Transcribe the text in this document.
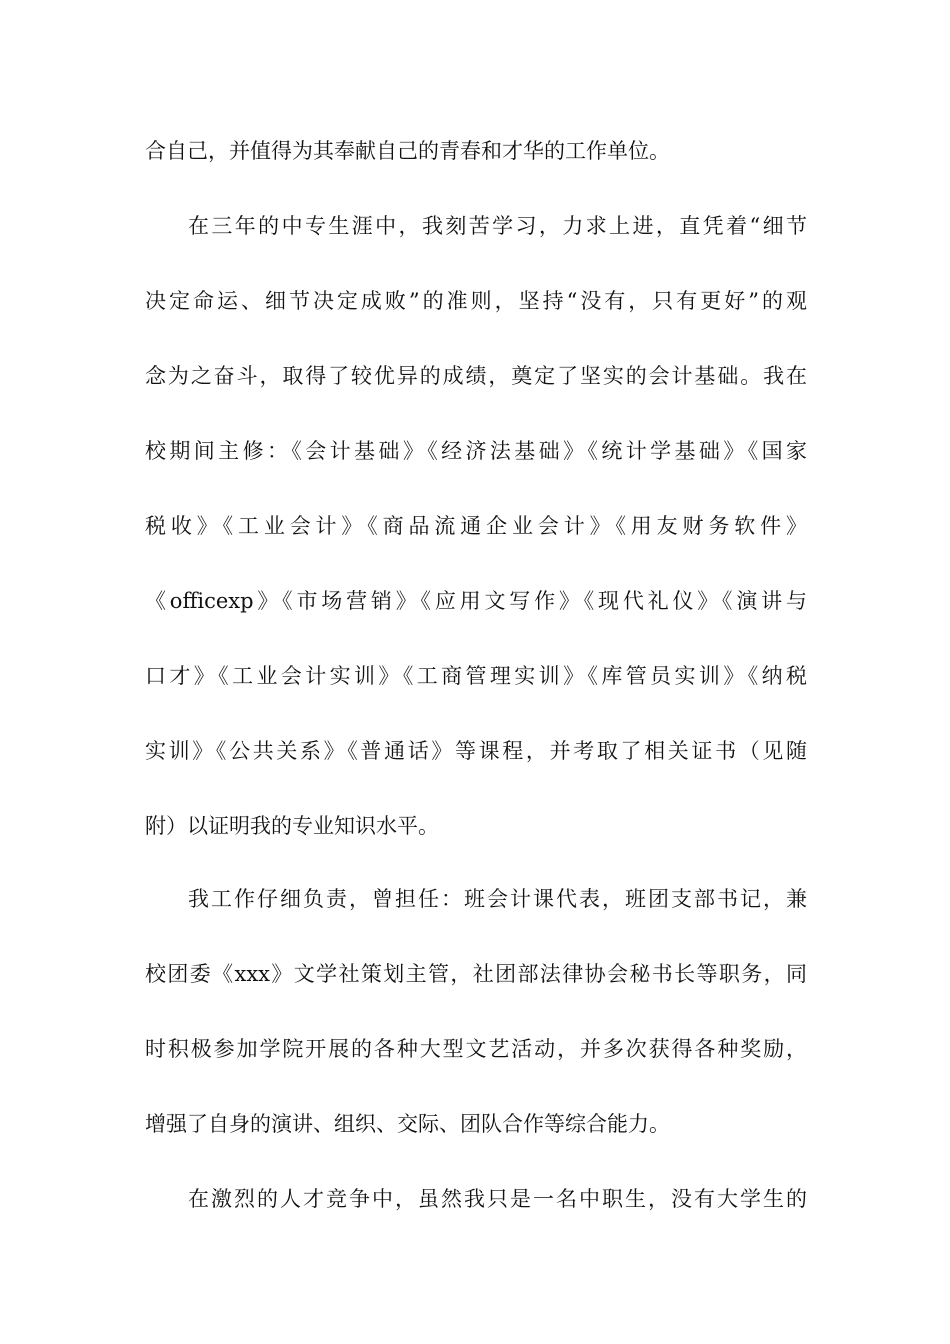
合自己，并值得为其奉献自己的青春和才华的工作单位。
在三年的中专生涯中，我刻苦学习，力求上进，直凭着“细节
决定命运、细节决定成败”的准则，坚持“没有，只有更好”的观
念为之奋斗，取得了较优异的成绩，奠定了坚实的会计基础。我在
校期间主修：《会计基础》《经济法基础》《统计学基础》《国家
税收》《工业会计》《商品流通企业会计》《用友财务软件》
《officexp》《市场营销》《应用文写作》《现代礼仪》《演讲与
口才》《工业会计实训》《工商管理实训》《库管员实训》《纳税
实训》《公共关系》《普通话》等课程，并考取了相关证书（见随
附）以证明我的专业知识水平。
我工作仔细负责，曾担任：班会计课代表，班团支部书记，兼
校团委《xxx》文学社策划主管，社团部法律协会秘书长等职务，同
时积极参加学院开展的各种大型文艺活动，并多次获得各种奖励，
增强了自身的演讲、组织、交际、团队合作等综合能力。
在激烈的人才竞争中，虽然我只是一名中职生，没有大学生的
